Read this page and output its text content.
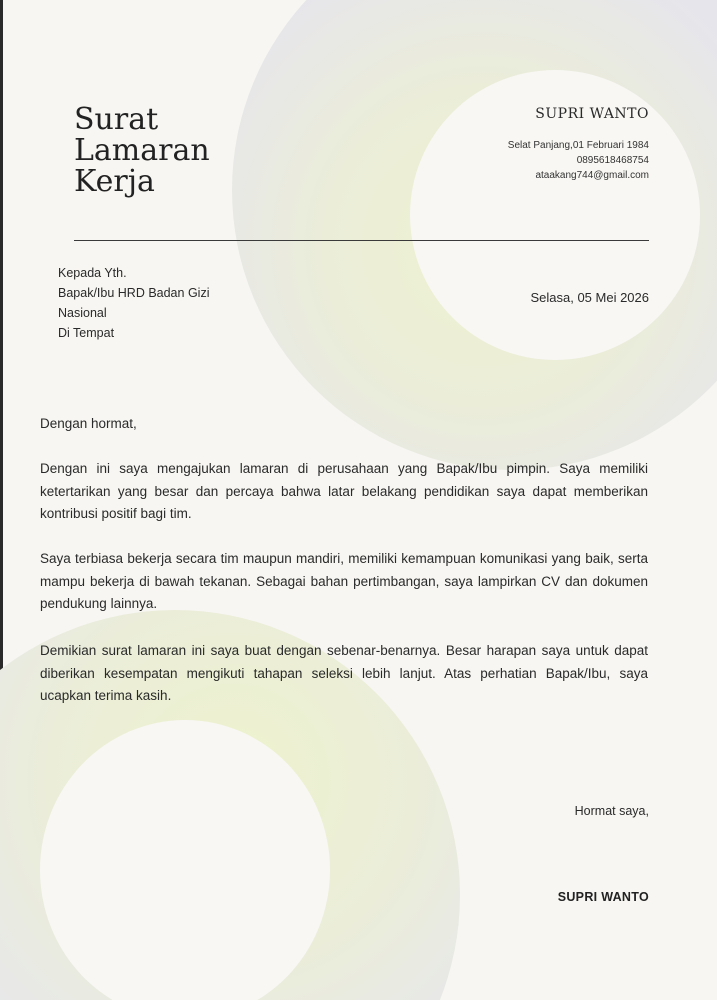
Surat
Lamaran
Kerja
SUPRI WANTO
Selat Panjang,01 Februari 1984
0895618468754
ataakang744@gmail.com
Kepada Yth.
Bapak/Ibu HRD Badan Gizi
Nasional
Di Tempat
Selasa, 05 Mei 2026
Dengan hormat,

Dengan ini saya mengajukan lamaran di perusahaan yang Bapak/Ibu pimpin. Saya memiliki ketertarikan yang besar dan percaya bahwa latar belakang pendidikan saya dapat memberikan kontribusi positif bagi tim.

Saya terbiasa bekerja secara tim maupun mandiri, memiliki kemampuan komunikasi yang baik, serta mampu bekerja di bawah tekanan. Sebagai bahan pertimbangan, saya lampirkan CV dan dokumen pendukung lainnya.

Demikian surat lamaran ini saya buat dengan sebenar-benarnya. Besar harapan saya untuk dapat diberikan kesempatan mengikuti tahapan seleksi lebih lanjut. Atas perhatian Bapak/Ibu, saya ucapkan terima kasih.

Hormat saya,
SUPRI WANTO
